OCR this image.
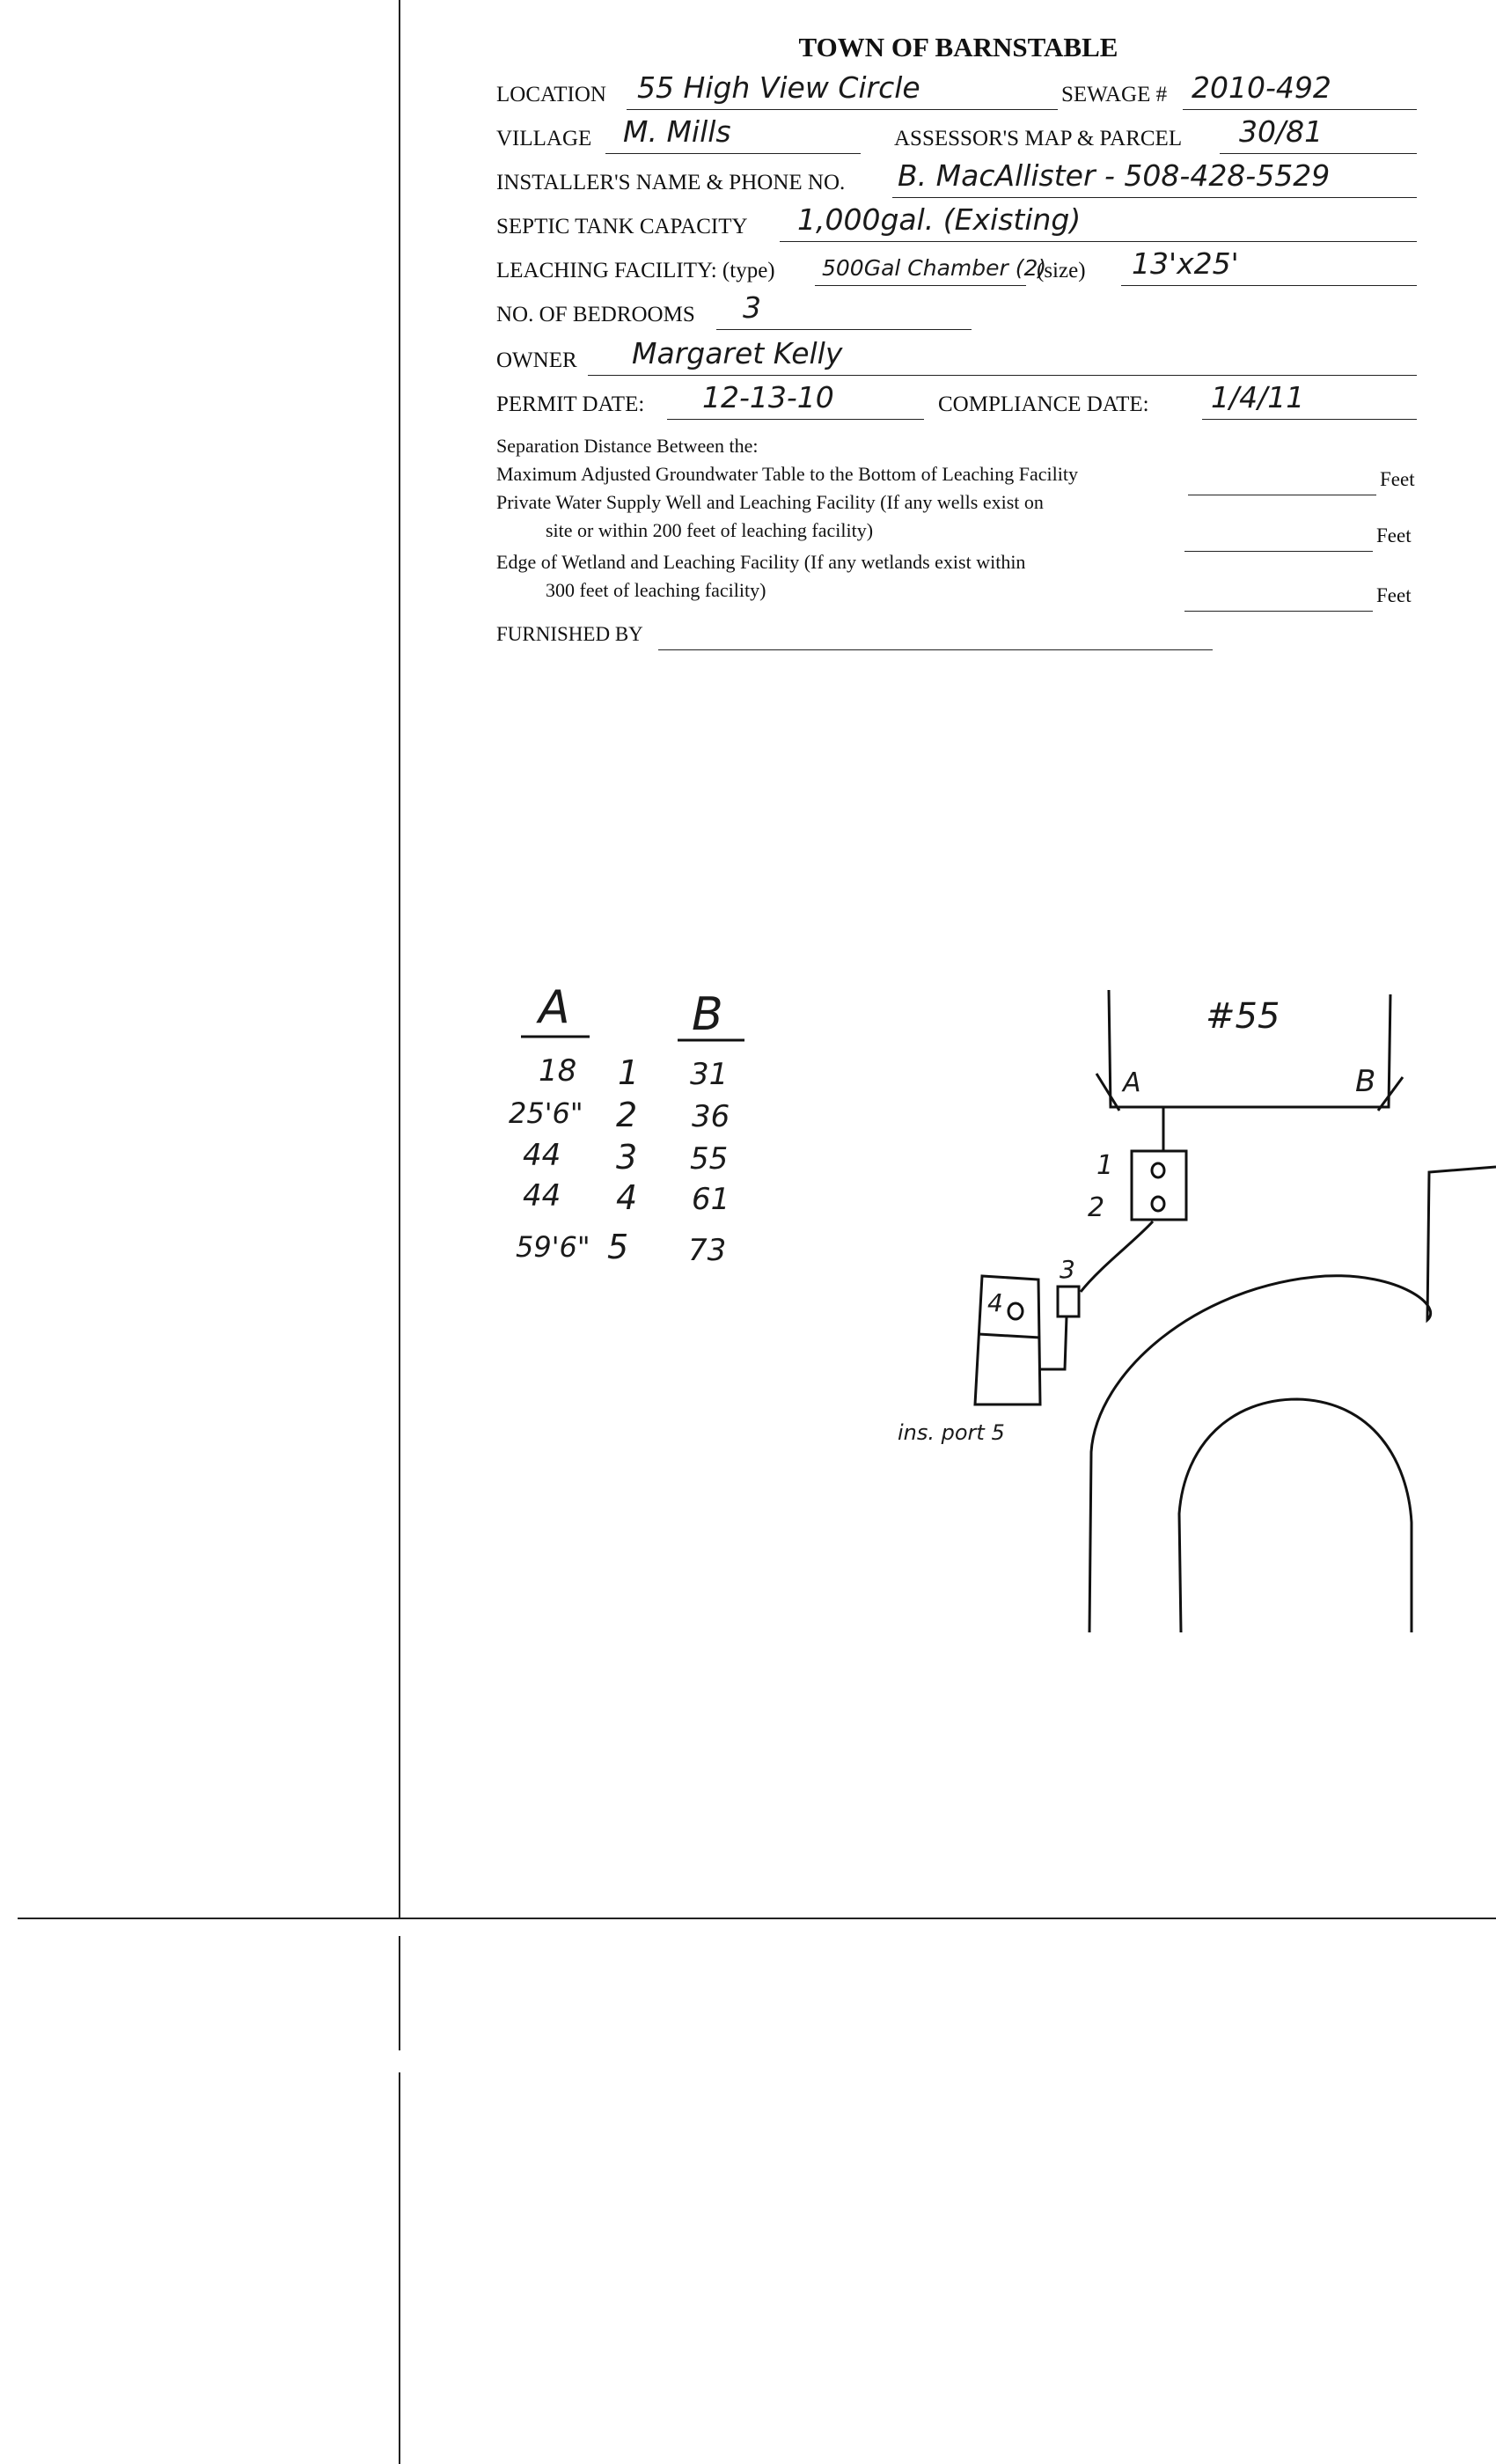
TOWN OF BARNSTABLE
LOCATION 55 High View Circle	SEWAGE # 2010-492
VILLAGE M. Mills	ASSESSOR'S MAP & PARCEL 30/81
INSTALLER'S NAME & PHONE NO. B. MacAllister - 508-428-5529
SEPTIC TANK CAPACITY 1,000gal. (Existing)
LEACHING FACILITY: (type) 500Gal Chamber (2)
(size) 13'x25'
NO. OF BEDROOMS 3
OWNER Margaret Kelly
PERMIT DATE: 12-13-10	COMPLIANCE DATE: 1/4/11
Separation Distance Between the:
Maximum Adjusted Groundwater Table to the Bottom of Leaching Facility	Feet
Private Water Supply Well and Leaching Facility (If any wells exist on
site or within 200 feet of leaching facility)	Feet
Edge of Wetland and Leaching Facility (If any wetlands exist within
300 feet of leaching facility)	Feet
FURNISHED BY
A	B
18 1 31
25'6" 2 36
44 3 55
44 4 61
59'6" 5 73
#55
A	B
1
2
3
4
ins. port 5
